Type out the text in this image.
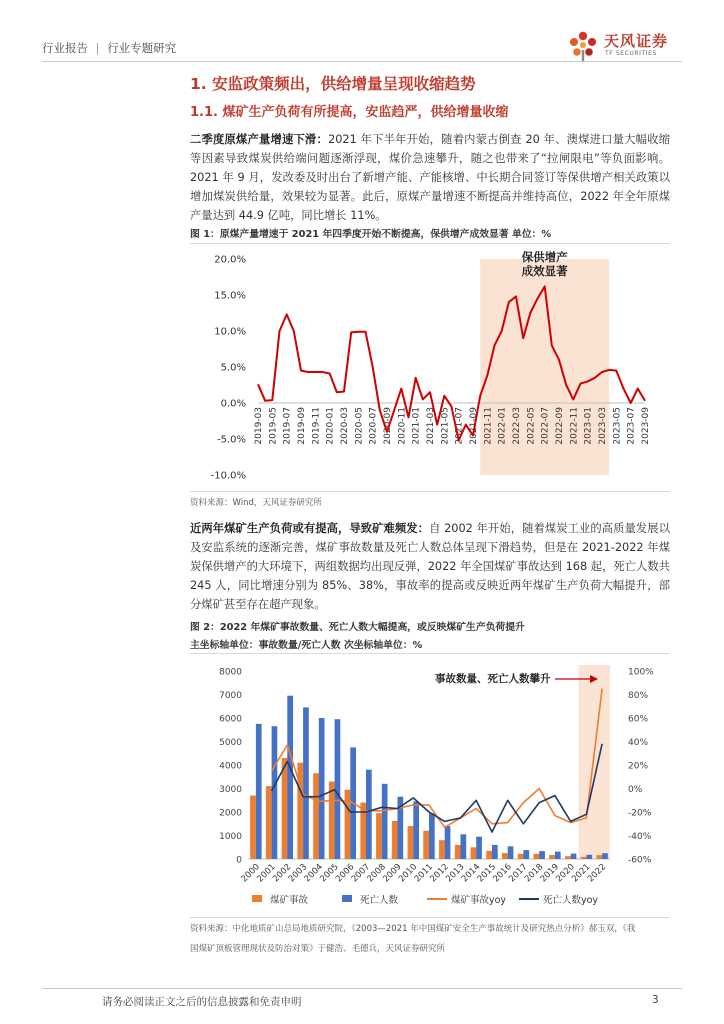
行业报告 | 行业专题研究	天风证券
TF SECURITIES
1. 安监政策频出，供给增量呈现收缩趋势
1.1. 煤矿生产负荷有所提高，安监趋严，供给增量收缩
二季度原煤产量增速下滑：2021 年下半年开始，随着内蒙古倒查 20 年、澳煤进口量大幅收缩等因素导致煤炭供给端问题逐渐浮现，煤价急速攀升，随之也带来了“拉闸限电”等负面影响。2021 年 9 月，发改委及时出台了新增产能、产能核增、中长期合同签订等保供增产相关政策以增加煤炭供给量，效果较为显著。此后，原煤产量增速不断提高并维持高位，2022 年全年原煤产量达到 44.9 亿吨，同比增长 11%。
图 1：原煤产量增速于 2021 年四季度开始不断提高，保供增产成效显著 单位：%
-10.0%
-5.0%
0.0%
5.0%
10.0%
15.0%
20.0%
2019-03 2019-05 2019-07 2019-09 2019-11 2020-01 2020-03 2020-05 2020-07 2020-09 2020-11 2021-01 2021-03 2021-05 2021-07 2021-09 2021-11 2022-01 2022-03 2022-05 2022-07 2022-09 2022-11 2023-01 2023-03 2023-05 2023-07 2023-09
保供增产
成效显著
资料来源：Wind，天风证券研究所
近两年煤矿生产负荷或有提高，导致矿难频发：自 2002 年开始，随着煤炭工业的高质量发展以及安监系统的逐渐完善，煤矿事故数量及死亡人数总体呈现下滑趋势，但是在 2021-2022 年煤炭保供增产的大环境下，两组数据均出现反弹，2022 年全国煤矿事故达到 168 起，死亡人数共 245 人，同比增速分别为 85%、38%，事故率的提高或反映近两年煤矿生产负荷大幅提升，部分煤矿甚至存在超产现象。
图 2：2022 年煤矿事故数量、死亡人数大幅提高，或反映煤矿生产负荷提升
主坐标轴单位：事故数量/死亡人数 次坐标轴单位：%
0
1000
2000
3000
4000
5000
6000
7000
8000
-60%
-40%
-20%
0%
20%
40%
60%
80%
100%
2000
2001
2002
2003
2004
2005
2006
2007
2008
2009
2010
2011
2012
2013
2014
2015
2016
2017
2018
2019
2020
2021
2022
事故数量、死亡人数攀升
煤矿事故	死亡人数	煤矿事故yoy	死亡人数yoy
资料来源：中化地质矿山总局地质研究院，《2003—2021 年中国煤矿安全生产事故统计及研究热点分析》郝玉双，《我
国煤矿顶板管理现状及防治对策》于健浩、毛德兵，天风证券研究所
请务必阅读正文之后的信息披露和免责申明	3
